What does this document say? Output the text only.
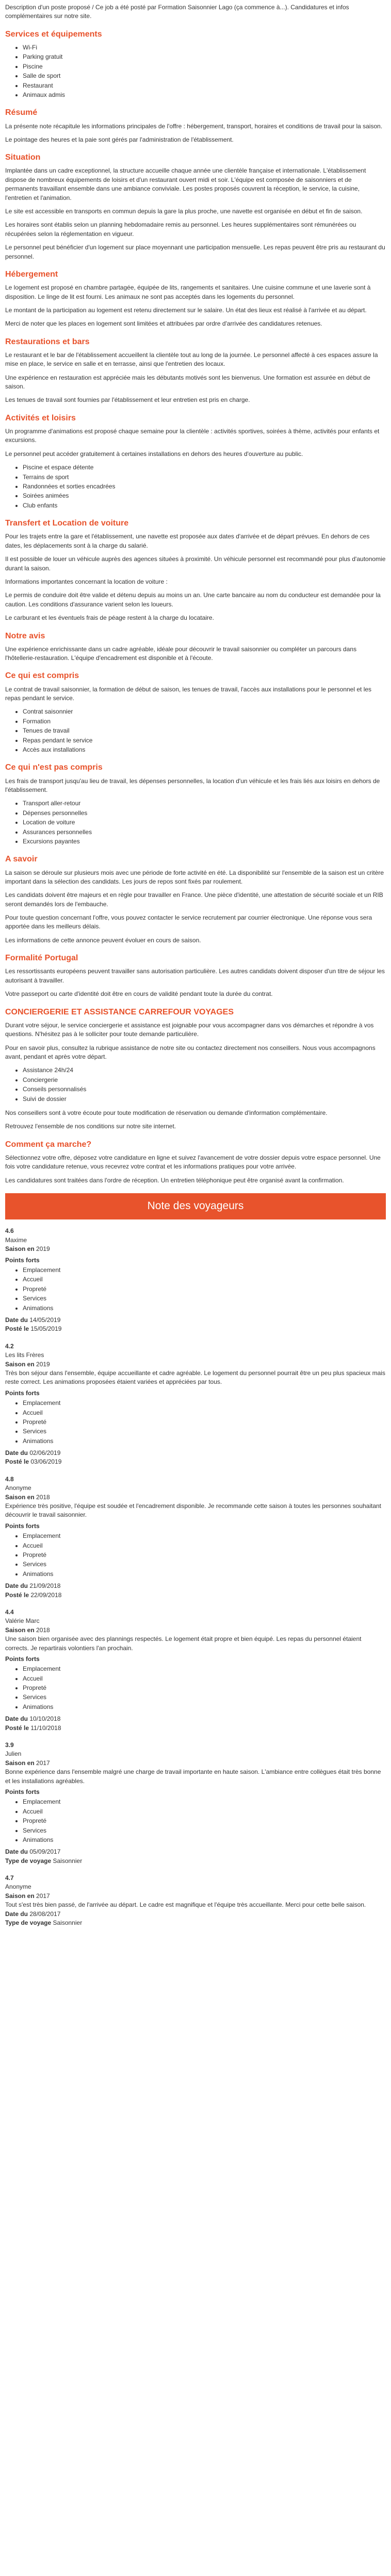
Description d'un poste proposé / Ce job a été posté par Formation Saisonnier Lago (ça commence à...). Candidatures et infos complémentaires sur notre site.

Services et équipements
• Wi-Fi
• Parking gratuit
• Piscine
• Salle de sport
• Restaurant
• Animaux admis
Résumé

La présente note récapitule les informations principales de l'offre : hébergement, transport, horaires et conditions de travail pour la saison.

Le pointage des heures et la paie sont gérés par l'administration de l'établissement.

Situation

Implantée dans un cadre exceptionnel, la structure accueille chaque année une clientèle française et internationale. L'établissement dispose de nombreux équipements de loisirs et d'un restaurant ouvert midi et soir. L'équipe est composée de saisonniers et de permanents travaillant ensemble dans une ambiance conviviale. Les postes proposés couvrent la réception, le service, la cuisine, l'entretien et l'animation.

Le site est accessible en transports en commun depuis la gare la plus proche, une navette est organisée en début et fin de saison.

Les horaires sont établis selon un planning hebdomadaire remis au personnel. Les heures supplémentaires sont rémunérées ou récupérées selon la réglementation en vigueur.

Le personnel peut bénéficier d'un logement sur place moyennant une participation mensuelle. Les repas peuvent être pris au restaurant du personnel.

Hébergement

Le logement est proposé en chambre partagée, équipée de lits, rangements et sanitaires. Une cuisine commune et une laverie sont à disposition. Le linge de lit est fourni. Les animaux ne sont pas acceptés dans les logements du personnel.

Le montant de la participation au logement est retenu directement sur le salaire. Un état des lieux est réalisé à l'arrivée et au départ.

Merci de noter que les places en logement sont limitées et attribuées par ordre d'arrivée des candidatures retenues.

Restaurations et bars

Le restaurant et le bar de l'établissement accueillent la clientèle tout au long de la journée. Le personnel affecté à ces espaces assure la mise en place, le service en salle et en terrasse, ainsi que l'entretien des locaux.

Une expérience en restauration est appréciée mais les débutants motivés sont les bienvenus. Une formation est assurée en début de saison.

Les tenues de travail sont fournies par l'établissement et leur entretien est pris en charge.

Activités et loisirs

Un programme d'animations est proposé chaque semaine pour la clientèle : activités sportives, soirées à thème, activités pour enfants et excursions.

Le personnel peut accéder gratuitement à certaines installations en dehors des heures d'ouverture au public.

• Piscine et espace détente
• Terrains de sport
• Randonnées et sorties encadrées
• Soirées animées
• Club enfants
Transfert et Location de voiture

Pour les trajets entre la gare et l'établissement, une navette est proposée aux dates d'arrivée et de départ prévues. En dehors de ces dates, les déplacements sont à la charge du salarié.

Il est possible de louer un véhicule auprès des agences situées à proximité. Un véhicule personnel est recommandé pour plus d'autonomie durant la saison.

Informations importantes concernant la location de voiture :

Le permis de conduire doit être valide et détenu depuis au moins un an. Une carte bancaire au nom du conducteur est demandée pour la caution. Les conditions d'assurance varient selon les loueurs.

Le carburant et les éventuels frais de péage restent à la charge du locataire.

Notre avis

Une expérience enrichissante dans un cadre agréable, idéale pour découvrir le travail saisonnier ou compléter un parcours dans l'hôtellerie-restauration. L'équipe d'encadrement est disponible et à l'écoute.

Ce qui est compris

Le contrat de travail saisonnier, la formation de début de saison, les tenues de travail, l'accès aux installations pour le personnel et les repas pendant le service.

• Contrat saisonnier
• Formation
• Tenues de travail
• Repas pendant le service
• Accès aux installations
Ce qui n'est pas compris

Les frais de transport jusqu'au lieu de travail, les dépenses personnelles, la location d'un véhicule et les frais liés aux loisirs en dehors de l'établissement.

• Transport aller-retour
• Dépenses personnelles
• Location de voiture
• Assurances personnelles
• Excursions payantes
A savoir

La saison se déroule sur plusieurs mois avec une période de forte activité en été. La disponibilité sur l'ensemble de la saison est un critère important dans la sélection des candidats. Les jours de repos sont fixés par roulement.

Les candidats doivent être majeurs et en règle pour travailler en France. Une pièce d'identité, une attestation de sécurité sociale et un RIB seront demandés lors de l'embauche.

Pour toute question concernant l'offre, vous pouvez contacter le service recrutement par courrier électronique. Une réponse vous sera apportée dans les meilleurs délais.

Les informations de cette annonce peuvent évoluer en cours de saison.

Formalité Portugal

Les ressortissants européens peuvent travailler sans autorisation particulière. Les autres candidats doivent disposer d'un titre de séjour les autorisant à travailler.

Votre passeport ou carte d'identité doit être en cours de validité pendant toute la durée du contrat.

CONCIERGERIE ET ASSISTANCE CARREFOUR VOYAGES

Durant votre séjour, le service conciergerie et assistance est joignable pour vous accompagner dans vos démarches et répondre à vos questions. N'hésitez pas à le solliciter pour toute demande particulière.

Pour en savoir plus, consultez la rubrique assistance de notre site ou contactez directement nos conseillers. Nous vous accompagnons avant, pendant et après votre départ.

• Assistance 24h/24
• Conciergerie
• Conseils personnalisés
• Suivi de dossier

Nos conseillers sont à votre écoute pour toute modification de réservation ou demande d'information complémentaire.

Retrouvez l'ensemble de nos conditions sur notre site internet.

Comment ça marche?

Sélectionnez votre offre, déposez votre candidature en ligne et suivez l'avancement de votre dossier depuis votre espace personnel. Une fois votre candidature retenue, vous recevrez votre contrat et les informations pratiques pour votre arrivée.

Les candidatures sont traitées dans l'ordre de réception. Un entretien téléphonique peut être organisé avant la confirmation.

Note des voyageurs

4.6

Maxime

Saison en 2019

Points forts

• Emplacement
• Accueil
• Propreté
• Services
• Animations

Date du 14/05/2019

Posté le 15/05/2019

4.2

Les lits Frères

Saison en 2019

Très bon séjour dans l'ensemble, équipe accueillante et cadre agréable. Le logement du personnel pourrait être un peu plus spacieux mais reste correct. Les animations proposées étaient variées et appréciées par tous.

Points forts

• Emplacement
• Accueil
• Propreté
• Services
• Animations

Date du 02/06/2019

Posté le 03/06/2019

4.8

Anonyme

Saison en 2018

Expérience très positive, l'équipe est soudée et l'encadrement disponible. Je recommande cette saison à toutes les personnes souhaitant découvrir le travail saisonnier.

Points forts

• Emplacement
• Accueil
• Propreté
• Services
• Animations

Date du 21/09/2018

Posté le 22/09/2018

4.4

Valérie Marc

Saison en 2018

Une saison bien organisée avec des plannings respectés. Le logement était propre et bien équipé. Les repas du personnel étaient corrects. Je repartirais volontiers l'an prochain.

Points forts

• Emplacement
• Accueil
• Propreté
• Services
• Animations

Date du 10/10/2018

Posté le 11/10/2018

3.9

Julien

Saison en 2017

Bonne expérience dans l'ensemble malgré une charge de travail importante en haute saison. L'ambiance entre collègues était très bonne et les installations agréables.

Points forts

• Emplacement
• Accueil
• Propreté
• Services
• Animations

Date du 05/09/2017

Type de voyage Saisonnier

4.7

Anonyme

Saison en 2017

Tout s'est très bien passé, de l'arrivée au départ. Le cadre est magnifique et l'équipe très accueillante. Merci pour cette belle saison.

Date du 28/08/2017

Type de voyage Saisonnier
